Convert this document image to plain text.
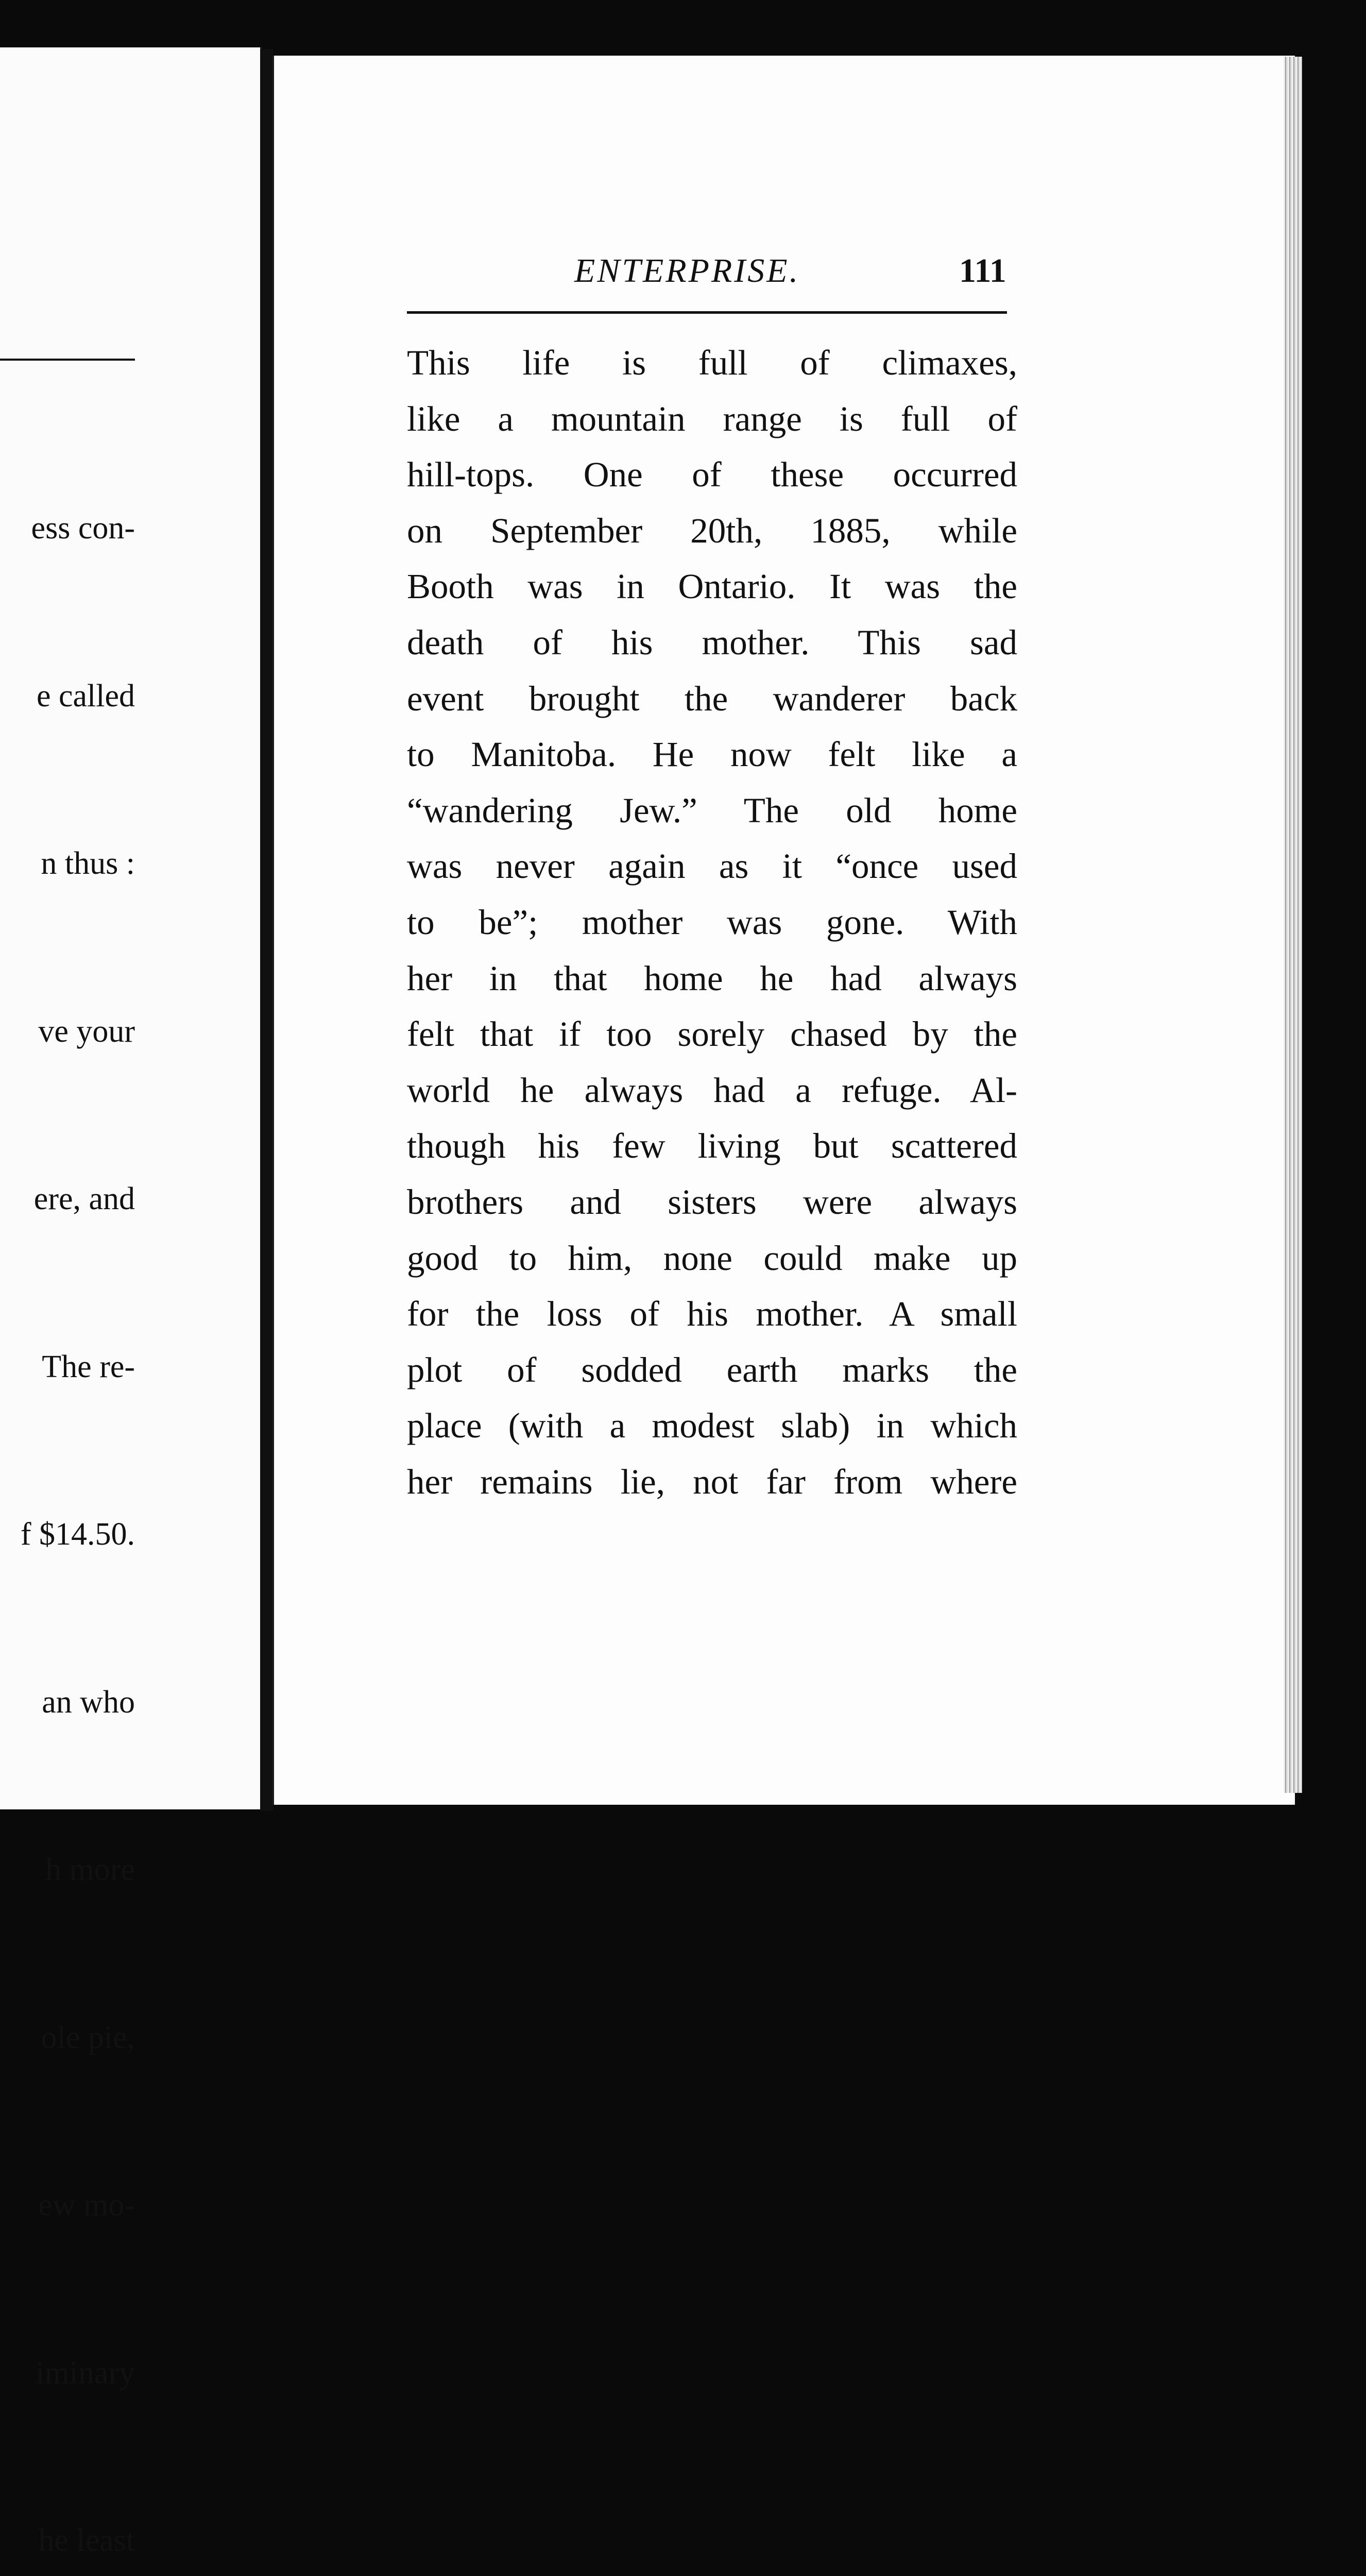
ess con-

e called

n thus :

ve your

ere, and

The re-

f $14.50.

an who

h more

ole pie,

ew mo-

iminary

he least

ENTERPRISE.	111
This life is full of climaxes,
like a mountain range is full of
hill-tops. One of these occurred
on September 20th, 1885, while
Booth was in Ontario. It was the
death of his mother. This sad
event brought the wanderer back
to Manitoba. He now felt like a
“wandering Jew.” The old home
was never again as it “once used
to be”; mother was gone. With
her in that home he had always
felt that if too sorely chased by the
world he always had a refuge. Al-
though his few living but scattered
brothers and sisters were always
good to him, none could make up
for the loss of his mother. A small
plot of sodded earth marks the
place (with a modest slab) in which
her remains lie, not far from where
